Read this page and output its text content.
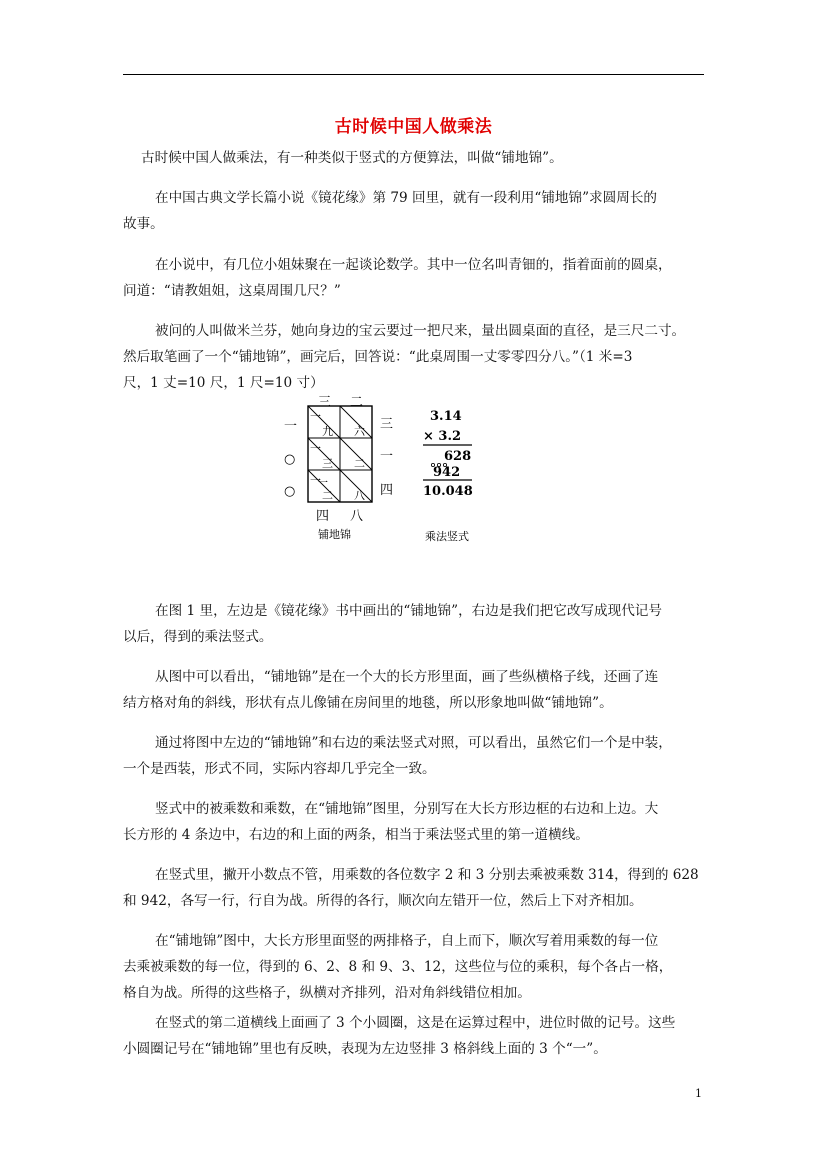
古时候中国人做乘法
古时候中国人做乘法，有一种类似于竖式的方便算法，叫做“铺地锦”。
在中国古典文学长篇小说《镜花缘》第 79 回里，就有一段利用“铺地锦”求圆周长的
故事。
在小说中，有几位小姐妹聚在一起谈论数学。其中一位名叫青钿的，指着面前的圆桌，
问道：“请教姐姐，这桌周围几尺？”
被问的人叫做米兰芬，她向身边的宝云要过一把尺来，量出圆桌面的直径，是三尺二寸。
然后取笔画了一个“铺地锦”，画完后，回答说：“此桌周围一丈零零四分八。”（1 米=3
尺，1 丈=10 尺，1 尺=10 寸）
在图 1 里，左边是《镜花缘》书中画出的“铺地锦”，右边是我们把它改写成现代记号
以后，得到的乘法竖式。
从图中可以看出，“铺地锦”是在一个大的长方形里面，画了些纵横格子线，还画了连
结方格对角的斜线，形状有点儿像铺在房间里的地毯，所以形象地叫做“铺地锦”。
通过将图中左边的“铺地锦”和右边的乘法竖式对照，可以看出，虽然它们一个是中装，
一个是西装，形式不同，实际内容却几乎完全一致。
竖式中的被乘数和乘数，在“铺地锦”图里，分别写在大长方形边框的右边和上边。大
长方形的 4 条边中，右边的和上面的两条，相当于乘法竖式里的第一道横线。
在竖式里，撇开小数点不管，用乘数的各位数字 2 和 3 分别去乘被乘数 314，得到的 628
和 942，各写一行，行自为战。所得的各行，顺次向左错开一位，然后上下对齐相加。
在“铺地锦”图中，大长方形里面竖的两排格子，自上而下，顺次写着用乘数的每一位
去乘被乘数的每一位，得到的 6、2、8 和 9、3、12，这些位与位的乘积，每个各占一格，
格自为战。所得的这些格子，纵横对齐排列，沿对角斜线错位相加。
在竖式的第二道横线上面画了 3 个小圆圈，这是在运算过程中，进位时做的记号。这些
小圆圈记号在“铺地锦”里也有反映，表现为左边竖排 3 格斜线上面的 3 个“一”。
三 二
一
一
一
九 六
三 二
二 八
一
一
○
○
三
一
四
四 八
铺地锦	乘法竖式
3.14
× 3.2
628
942
10.048
1
